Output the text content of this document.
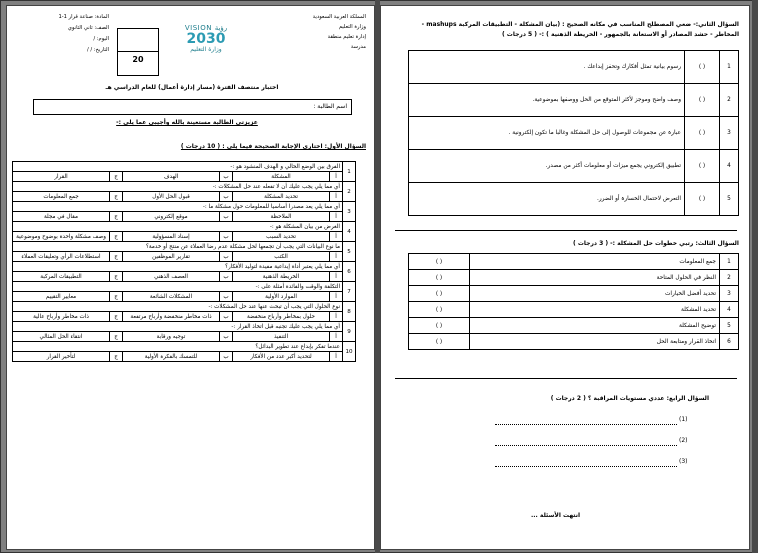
المملكة العربية السعودية
وزارة التعليم
إدارة تعليم منطقة
مدرسة
VISION رؤية
2030
وزارة التعليم
20
المادة: صناعة قرار 1-1
الصف: ثاني الثانوي
اليوم: /
التاريخ: / /
اختبار منتصف الفترة (مسار إدارة أعمال) للعام الدراسي هـ
اسم الطالبة :
عزيزتي الطالبة مستعينة بالله وأجيبي عما يلي :-
السؤال الأول: اختاري الإجابة الصحيحة فيما يلي : ( 10 درجات )
1	الفرق بين الوضع الحالي و الهدف المنشود هو :-					
	أ	المشكلة	ب	الهدف	ج	القرار
2	أي مما يلي يجب عليك أن لا تفعله عند حل المشكلات :-					
	أ	تحديد المشكلة	ب	قبول الحل الأول	ج	جمع المعلومات
3	أي مما يلي يعد مصدرا أساسيا للمعلومات حول مشكلة ما :-					
	أ	الملاحظة	ب	موقع إلكتروني	ج	مقال في مجلة
4	الغرض من بيان المشكلة هو :-					
	أ	تحديد السبب	ب	إسناد المسؤولية	ج	وصف مشكلة واحدة بوضوح وموضوعية
5	ما نوع البيانات التي يجب أن تجمعها لحل مشكلة عدم رضا العملاء عن منتج أو خدمة؟					
	أ	الكتب	ب	تقارير الموظفين	ج	استطلاعات الرأي وتعليقات العملاء
6	أي مما يلي يعتبر أداة إبداعية مفيدة لتوليد الأفكار؟					
	أ	الخريطة الذهنية	ب	العصف الذهني	ج	التطبيقات المركبة
7	التكلفة والوقت والفائدة أمثلة على :-					
	أ	الموارد الأولية	ب	المشكلات الشائعة	ج	معايير التقييم
8	نوع الحلول التي يجب أن تبحث عنها عند حل المشكلات :-					
	أ	حلول بمخاطر وأرباح منخفضة	ب	ذات مخاطر منخفضة وأرباح مرتفعة	ج	ذات مخاطر وأرباح عالية
9	أي مما يلي يجب عليك تجنبه قبل اتخاذ القرار :-					
	أ	التنفيذ	ب	توجيه ورقابة	ج	انتقاء الحل المثالي
10	عندما تفكر بإبداع عند تطوير البدائل؟					
	أ	لتحديد أكبر عدد من الأفكار	ب	للتمسك بالفكرة الأولية	ج	لتأخير القرار
السؤال الثاني:- ضعي المصطلح المناسب في مكانه الصحيح : (بيان المشكلة - التطبيقات المركبة mashups -
المخاطر - حشد المصادر أو الاستعانة بالجمهور - الخريطة الذهنية ) :- ( 5 درجات )
1	( )	رسوم بيانية تمثل أفكارك وتحفز إبداعك .
2	( )	وصف واضح وموجز لأكثر المتوقع من الحل ووصفها بموضوعية.
3	( )	عبارة عن مجموعات للوصول إلى حل المشكلة وغالبا ما تكون إلكترونية .
4	( )	تطبيق إلكتروني يجمع ميزات أو معلومات أكثر من مصدر.
5	( )	التعرض لاحتمال الخسارة أو الضرر.
السؤال الثالث: رتبي خطوات حل المشكلة :- ( 3 درجات )
1	جمع المعلومات	( )
2	النظر في الحلول المتاحة	( )
3	تحديد أفضل الخيارات	( )
4	تحديد المشكلة	( )
5	توضيح المشكلة	( )
6	اتخاذ القرار ومتابعة الحل	( )
السؤال الرابع: عددي مستويات المراقبة ؟ ( 2 درجات )
(1)
(2)
(3)
انتهت الأسئلة ...
